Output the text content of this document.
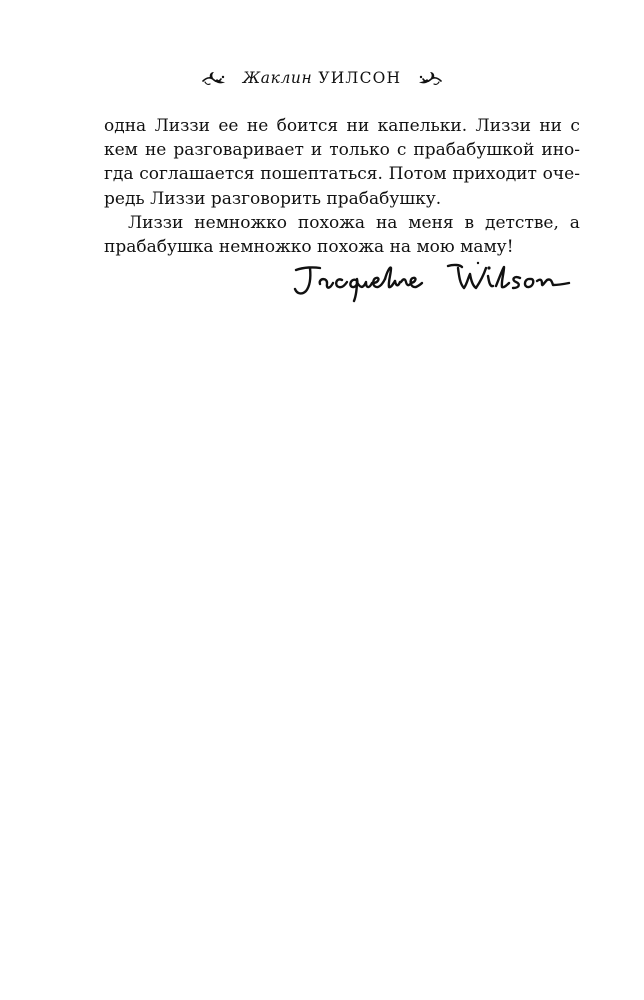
Жаклин УИЛСОН
одна Лиззи ее не боится ни капельки. Лиззи ни с
кем не разговаривает и только с прабабушкой ино-
гда соглашается пошептаться. Потом приходит оче-
редь Лиззи разговорить прабабушку.
Лиззи немножко похожа на меня в детстве, а
прабабушка немножко похожа на мою маму!
